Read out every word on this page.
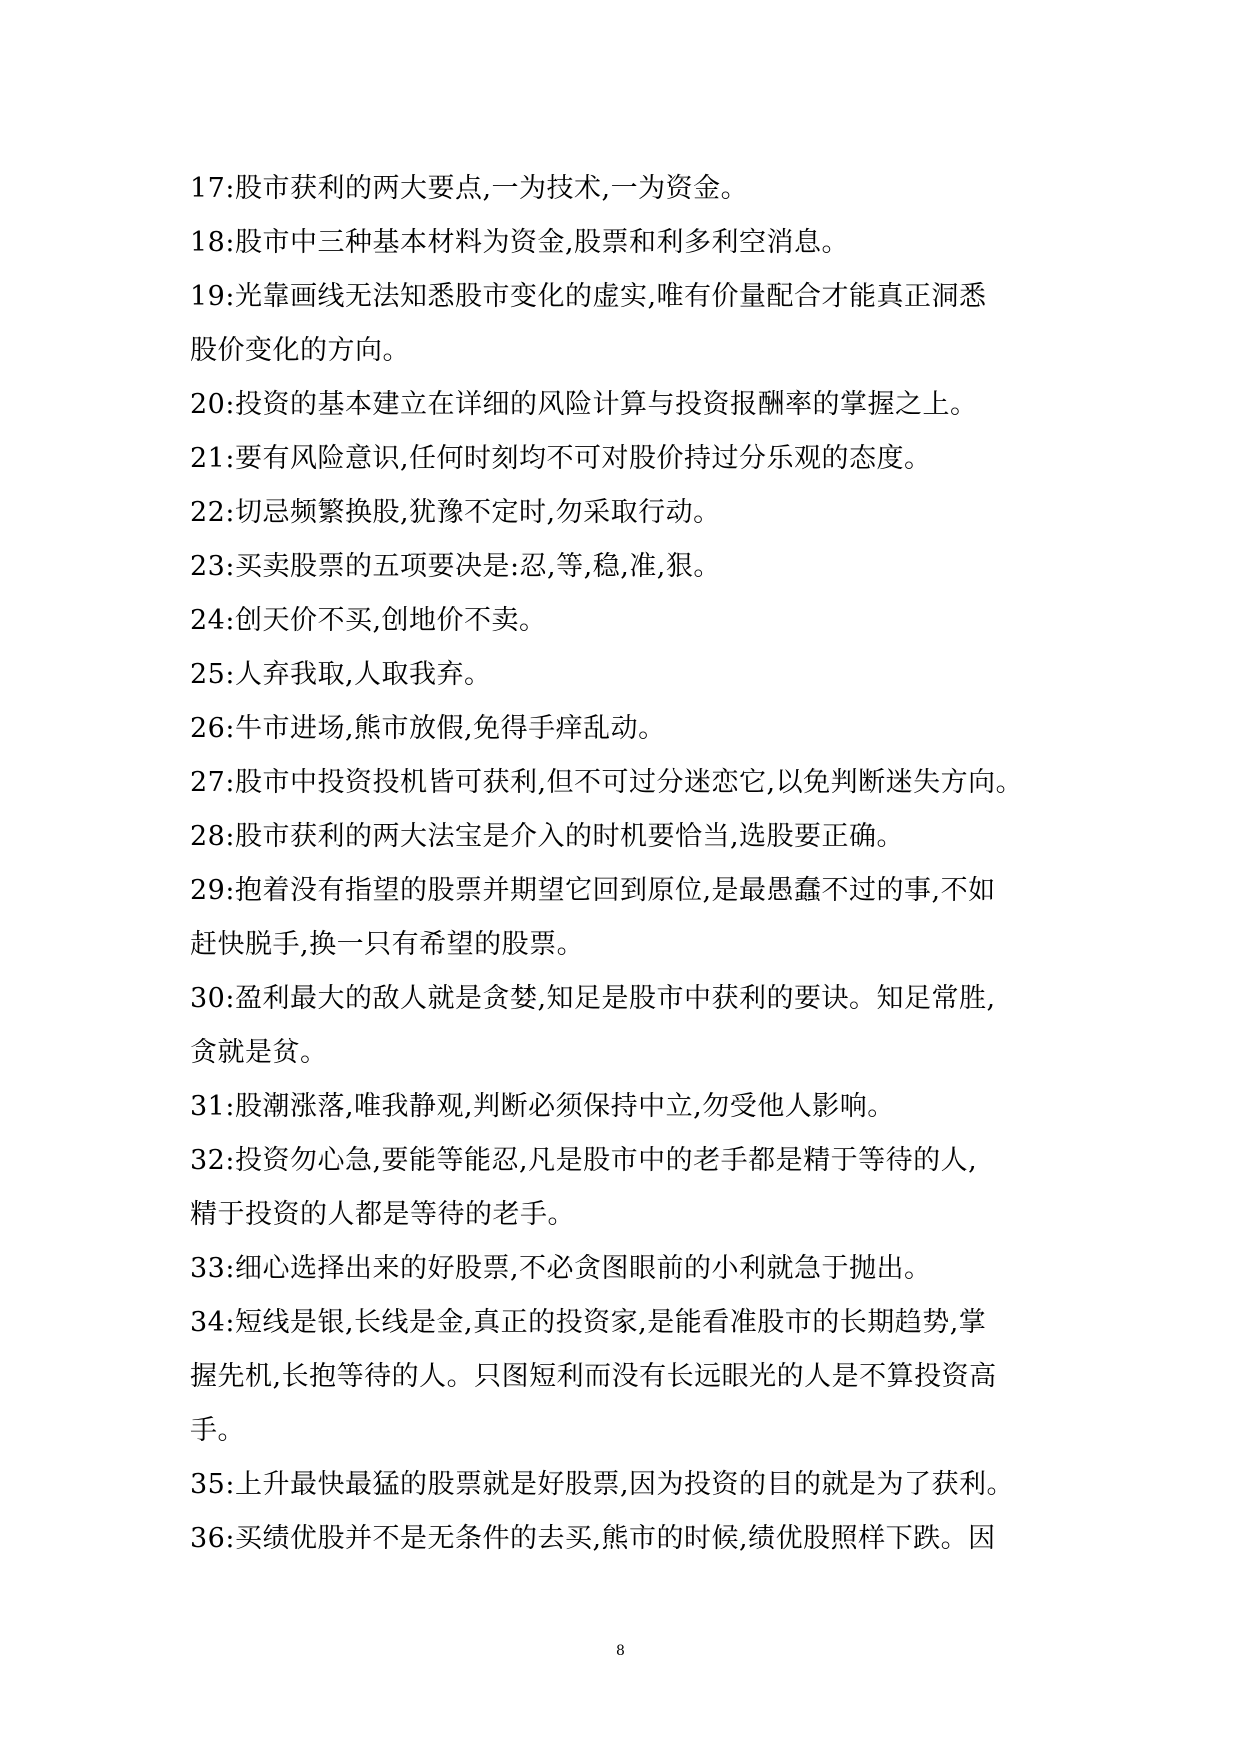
17:股市获利的两大要点,一为技术,一为资金。
18:股市中三种基本材料为资金,股票和利多利空消息。
19:光靠画线无法知悉股市变化的虚实,唯有价量配合才能真正洞悉
股价变化的方向。
20:投资的基本建立在详细的风险计算与投资报酬率的掌握之上。
21:要有风险意识,任何时刻均不可对股价持过分乐观的态度。
22:切忌频繁换股,犹豫不定时,勿采取行动。
23:买卖股票的五项要决是:忍,等,稳,准,狠。
24:创天价不买,创地价不卖。
25:人弃我取,人取我弃。
26:牛市进场,熊市放假,免得手痒乱动。
27:股市中投资投机皆可获利,但不可过分迷恋它,以免判断迷失方向。
28:股市获利的两大法宝是介入的时机要恰当,选股要正确。
29:抱着没有指望的股票并期望它回到原位,是最愚蠢不过的事,不如
赶快脱手,换一只有希望的股票。
30:盈利最大的敌人就是贪婪,知足是股市中获利的要诀。知足常胜,
贪就是贫。
31:股潮涨落,唯我静观,判断必须保持中立,勿受他人影响。
32:投资勿心急,要能等能忍,凡是股市中的老手都是精于等待的人,
精于投资的人都是等待的老手。
33:细心选择出来的好股票,不必贪图眼前的小利就急于抛出。
34:短线是银,长线是金,真正的投资家,是能看准股市的长期趋势,掌
握先机,长抱等待的人。只图短利而没有长远眼光的人是不算投资高
手。
35:上升最快最猛的股票就是好股票,因为投资的目的就是为了获利。
36:买绩优股并不是无条件的去买,熊市的时候,绩优股照样下跌。因
8
